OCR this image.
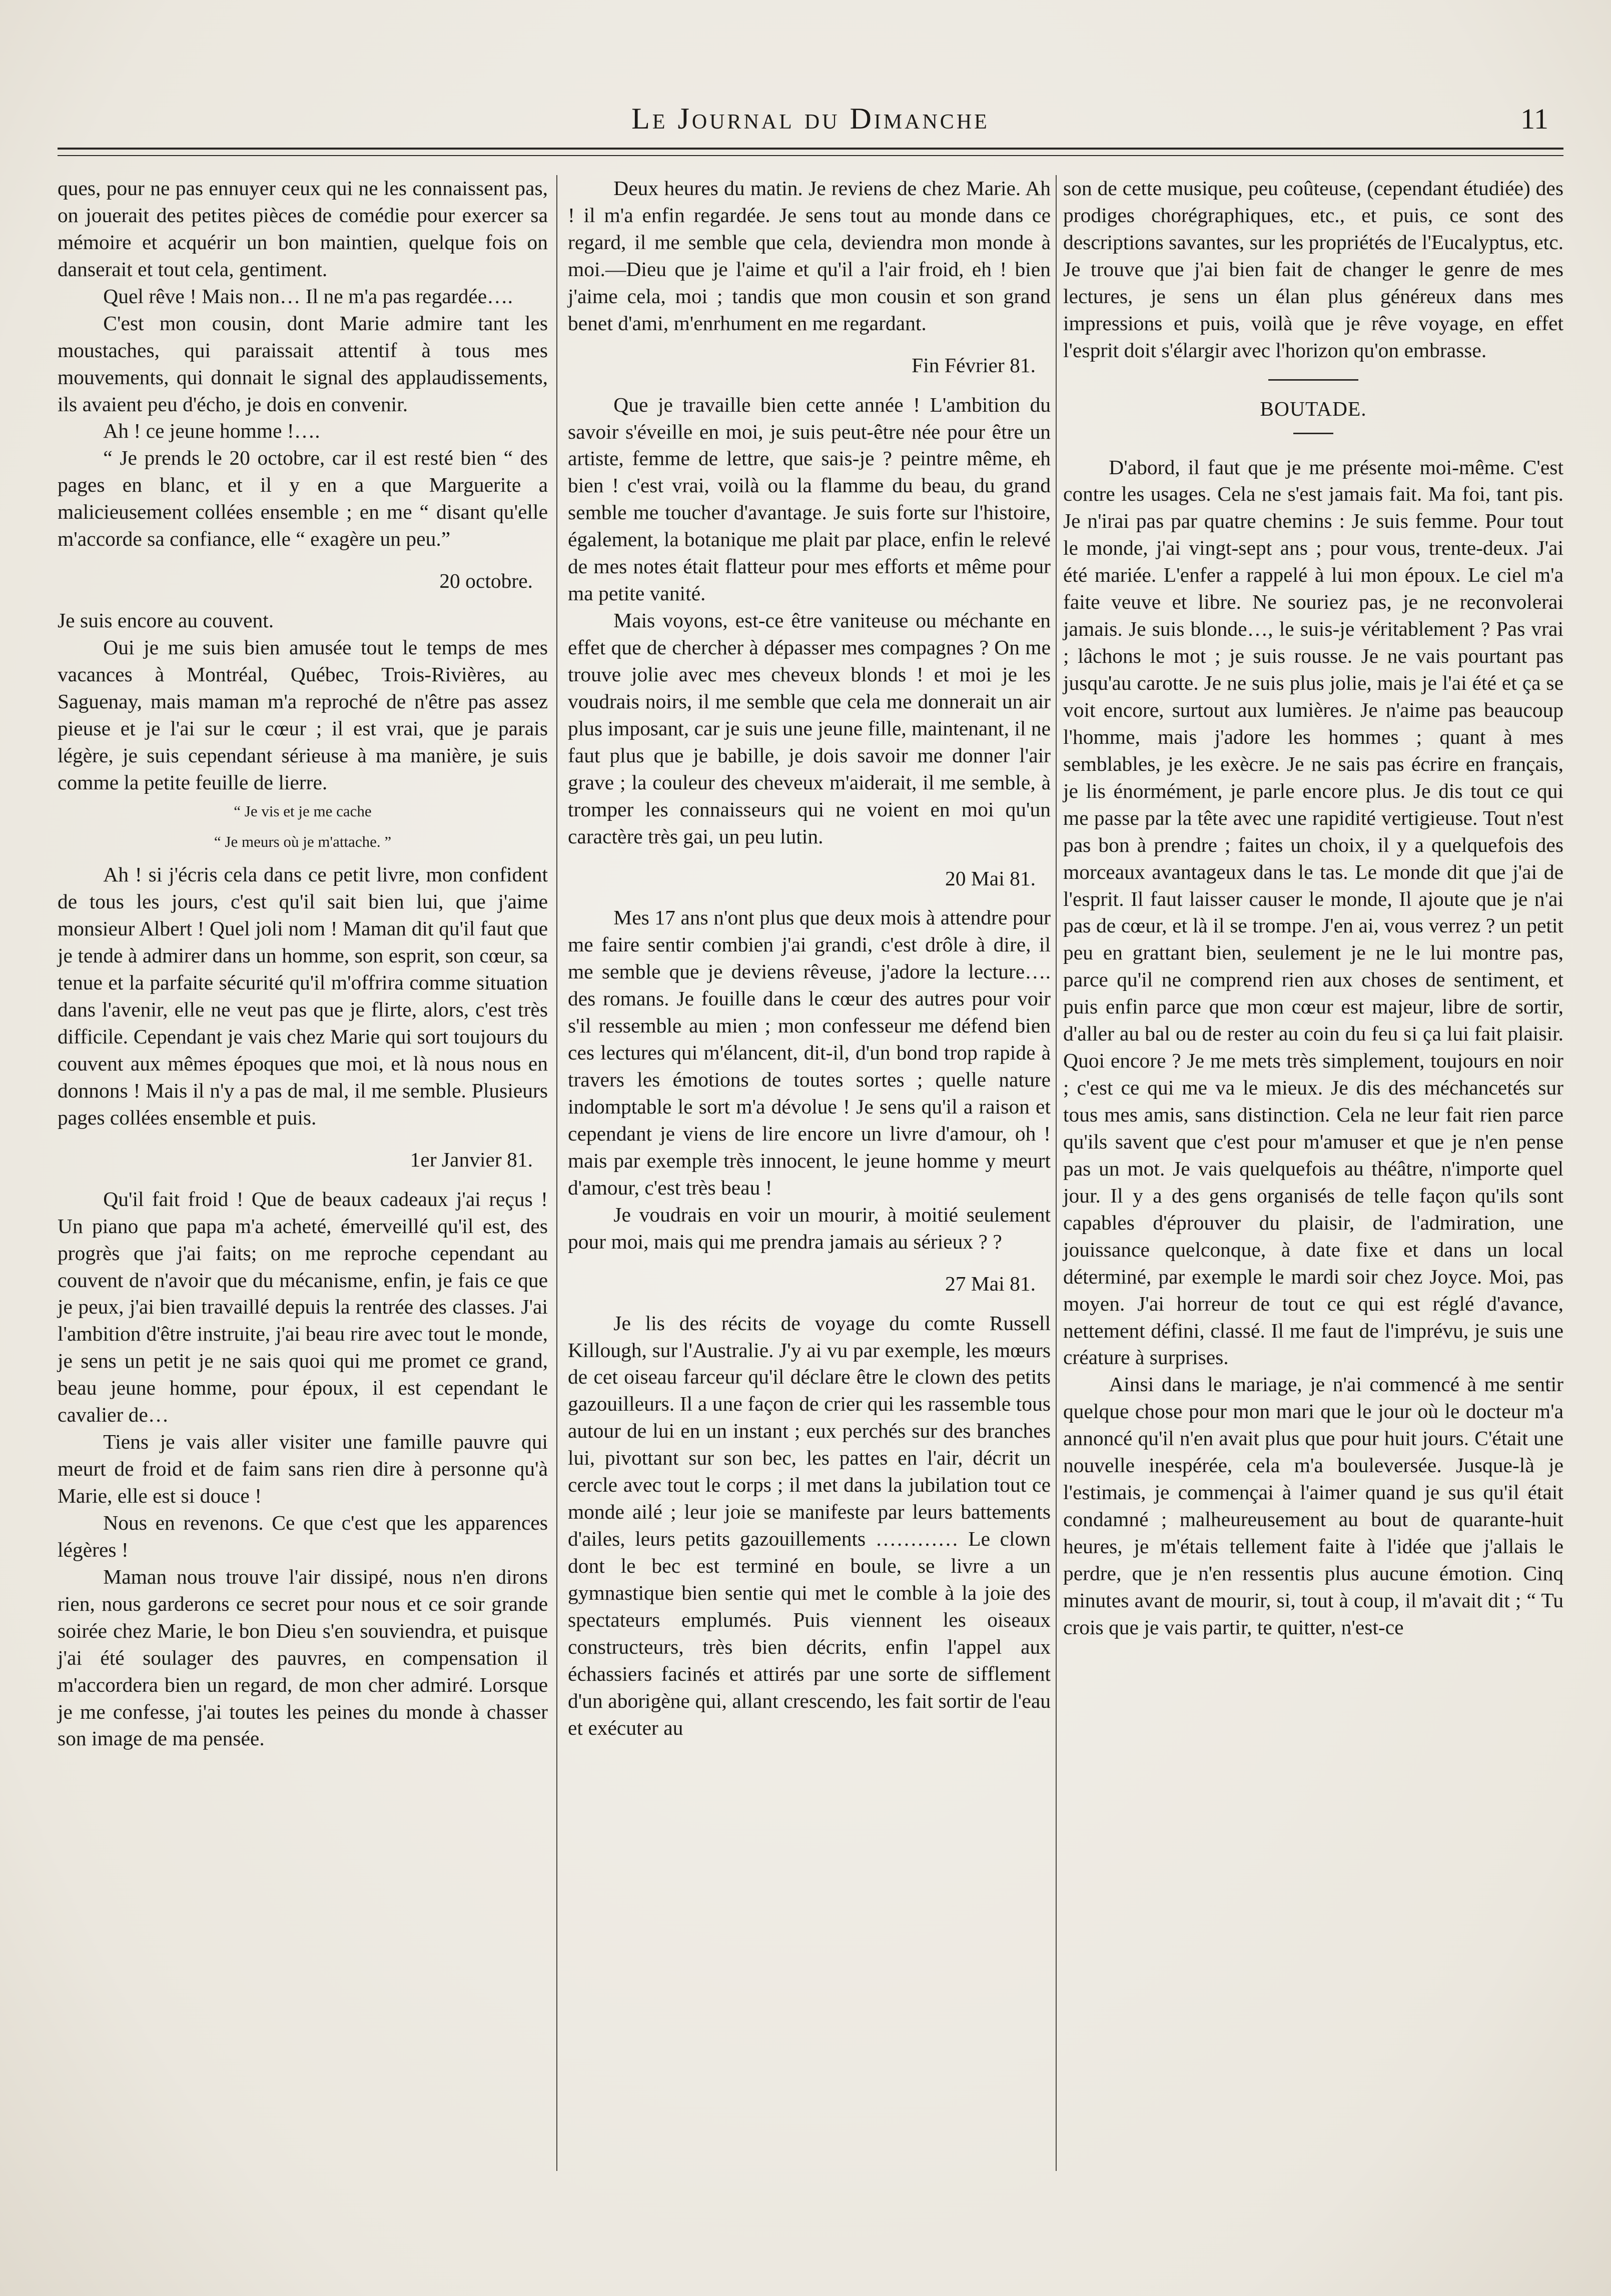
Le Journal du Dimanche	11

ques, pour ne pas ennuyer ceux qui ne les connaissent pas, on jouerait des petites pièces de comédie pour exercer sa mémoire et acquérir un bon maintien, quelque fois on danserait et tout cela, gentiment.

Quel rêve ! Mais non… Il ne m'a pas regardée….

C'est mon cousin, dont Marie admire tant les moustaches, qui paraissait attentif à tous mes mouvements, qui donnait le signal des applaudissements, ils avaient peu d'écho, je dois en convenir.

Ah ! ce jeune homme !….

“ Je prends le 20 octobre, car il est resté bien “ des pages en blanc, et il y en a que Marguerite a malicieusement collées ensemble ; en me “ disant qu'elle m'accorde sa confiance, elle “ exagère un peu.”

20 octobre.

Je suis encore au couvent.

Oui je me suis bien amusée tout le temps de mes vacances à Montréal, Québec, Trois-Rivières, au Saguenay, mais maman m'a reproché de n'être pas assez pieuse et je l'ai sur le cœur ; il est vrai, que je parais légère, je suis cependant sérieuse à ma manière, je suis comme la petite feuille de lierre.

“ Je vis et je me cache
“ Je meurs où je m'attache. ”

Ah ! si j'écris cela dans ce petit livre, mon confident de tous les jours, c'est qu'il sait bien lui, que j'aime monsieur Albert ! Quel joli nom ! Maman dit qu'il faut que je tende à admirer dans un homme, son esprit, son cœur, sa tenue et la parfaite sécurité qu'il m'offrira comme situation dans l'avenir, elle ne veut pas que je flirte, alors, c'est très difficile. Cependant je vais chez Marie qui sort toujours du couvent aux mêmes époques que moi, et là nous nous en donnons ! Mais il n'y a pas de mal, il me semble. Plusieurs pages collées ensemble et puis.

1er Janvier 81.

Qu'il fait froid ! Que de beaux cadeaux j'ai reçus ! Un piano que papa m'a acheté, émerveillé qu'il est, des progrès que j'ai faits; on me reproche cependant au couvent de n'avoir que du mécanisme, enfin, je fais ce que je peux, j'ai bien travaillé depuis la rentrée des classes. J'ai l'ambition d'être instruite, j'ai beau rire avec tout le monde, je sens un petit je ne sais quoi qui me promet ce grand, beau jeune homme, pour époux, il est cependant le cavalier de…

Tiens je vais aller visiter une famille pauvre qui meurt de froid et de faim sans rien dire à personne qu'à Marie, elle est si douce !

Nous en revenons. Ce que c'est que les apparences légères !

Maman nous trouve l'air dissipé, nous n'en dirons rien, nous garderons ce secret pour nous et ce soir grande soirée chez Marie, le bon Dieu s'en souviendra, et puisque j'ai été soulager des pauvres, en compensation il m'accordera bien un regard, de mon cher admiré. Lorsque je me confesse, j'ai toutes les peines du monde à chasser son image de ma pensée.

Deux heures du matin. Je reviens de chez Marie. Ah ! il m'a enfin regardée. Je sens tout au monde dans ce regard, il me semble que cela, deviendra mon monde à moi.—Dieu que je l'aime et qu'il a l'air froid, eh ! bien j'aime cela, moi ; tandis que mon cousin et son grand benet d'ami, m'enrhument en me regardant.

Fin Février 81.

Que je travaille bien cette année ! L'ambition du savoir s'éveille en moi, je suis peut-être née pour être un artiste, femme de lettre, que sais-je ? peintre même, eh bien ! c'est vrai, voilà ou la flamme du beau, du grand semble me toucher d'avantage. Je suis forte sur l'histoire, également, la botanique me plait par place, enfin le relevé de mes notes était flatteur pour mes efforts et même pour ma petite vanité.

Mais voyons, est-ce être vaniteuse ou méchante en effet que de chercher à dépasser mes compagnes ? On me trouve jolie avec mes cheveux blonds ! et moi je les voudrais noirs, il me semble que cela me donnerait un air plus imposant, car je suis une jeune fille, maintenant, il ne faut plus que je babille, je dois savoir me donner l'air grave ; la couleur des cheveux m'aiderait, il me semble, à tromper les connaisseurs qui ne voient en moi qu'un caractère très gai, un peu lutin.

20 Mai 81.

Mes 17 ans n'ont plus que deux mois à attendre pour me faire sentir combien j'ai grandi, c'est drôle à dire, il me semble que je deviens rêveuse, j'adore la lecture…. des romans. Je fouille dans le cœur des autres pour voir s'il ressemble au mien ; mon confesseur me défend bien ces lectures qui m'élancent, dit-il, d'un bond trop rapide à travers les émotions de toutes sortes ; quelle nature indomptable le sort m'a dévolue ! Je sens qu'il a raison et cependant je viens de lire encore un livre d'amour, oh ! mais par exemple très innocent, le jeune homme y meurt d'amour, c'est très beau !

Je voudrais en voir un mourir, à moitié seulement pour moi, mais qui me prendra jamais au sérieux ? ?

27 Mai 81.

Je lis des récits de voyage du comte Russell Killough, sur l'Australie. J'y ai vu par exemple, les mœurs de cet oiseau farceur qu'il déclare être le clown des petits gazouilleurs. Il a une façon de crier qui les rassemble tous autour de lui en un instant ; eux perchés sur des branches lui, pivottant sur son bec, les pattes en l'air, décrit un cercle avec tout le corps ; il met dans la jubilation tout ce monde ailé ; leur joie se manifeste par leurs battements d'ailes, leurs petits gazouillements ………… Le clown dont le bec est terminé en boule, se livre a un gymnastique bien sentie qui met le comble à la joie des spectateurs emplumés. Puis viennent les oiseaux constructeurs, très bien décrits, enfin l'appel aux échassiers facinés et attirés par une sorte de sifflement d'un aborigène qui, allant crescendo, les fait sortir de l'eau et exécuter au

son de cette musique, peu coûteuse, (cependant étudiée) des prodiges chorégraphiques, etc., et puis, ce sont des descriptions savantes, sur les propriétés de l'Eucalyptus, etc. Je trouve que j'ai bien fait de changer le genre de mes lectures, je sens un élan plus généreux dans mes impressions et puis, voilà que je rêve voyage, en effet l'esprit doit s'élargir avec l'horizon qu'on embrasse.

BOUTADE.

D'abord, il faut que je me présente moi-même. C'est contre les usages. Cela ne s'est jamais fait. Ma foi, tant pis. Je n'irai pas par quatre chemins : Je suis femme. Pour tout le monde, j'ai vingt-sept ans ; pour vous, trente-deux. J'ai été mariée. L'enfer a rappelé à lui mon époux. Le ciel m'a faite veuve et libre. Ne souriez pas, je ne reconvolerai jamais. Je suis blonde…, le suis-je véritablement ? Pas vrai ; lâchons le mot ; je suis rousse. Je ne vais pourtant pas jusqu'au carotte. Je ne suis plus jolie, mais je l'ai été et ça se voit encore, surtout aux lumières. Je n'aime pas beaucoup l'homme, mais j'adore les hommes ; quant à mes semblables, je les exècre. Je ne sais pas écrire en français, je lis énormément, je parle encore plus. Je dis tout ce qui me passe par la tête avec une rapidité vertigieuse. Tout n'est pas bon à prendre ; faites un choix, il y a quelquefois des morceaux avantageux dans le tas. Le monde dit que j'ai de l'esprit. Il faut laisser causer le monde, Il ajoute que je n'ai pas de cœur, et là il se trompe. J'en ai, vous verrez ? un petit peu en grattant bien, seulement je ne le lui montre pas, parce qu'il ne comprend rien aux choses de sentiment, et puis enfin parce que mon cœur est majeur, libre de sortir, d'aller au bal ou de rester au coin du feu si ça lui fait plaisir. Quoi encore ? Je me mets très simplement, toujours en noir ; c'est ce qui me va le mieux. Je dis des méchancetés sur tous mes amis, sans distinction. Cela ne leur fait rien parce qu'ils savent que c'est pour m'amuser et que je n'en pense pas un mot. Je vais quelquefois au théâtre, n'importe quel jour. Il y a des gens organisés de telle façon qu'ils sont capables d'éprouver du plaisir, de l'admiration, une jouissance quelconque, à date fixe et dans un local déterminé, par exemple le mardi soir chez Joyce. Moi, pas moyen. J'ai horreur de tout ce qui est réglé d'avance, nettement défini, classé. Il me faut de l'imprévu, je suis une créature à surprises.

Ainsi dans le mariage, je n'ai commencé à me sentir quelque chose pour mon mari que le jour où le docteur m'a annoncé qu'il n'en avait plus que pour huit jours. C'était une nouvelle inespérée, cela m'a bouleversée. Jusque-là je l'estimais, je commençai à l'aimer quand je sus qu'il était condamné ; malheureusement au bout de quarante-huit heures, je m'étais tellement faite à l'idée que j'allais le perdre, que je n'en ressentis plus aucune émotion. Cinq minutes avant de mourir, si, tout à coup, il m'avait dit ; “ Tu crois que je vais partir, te quitter, n'est-ce
